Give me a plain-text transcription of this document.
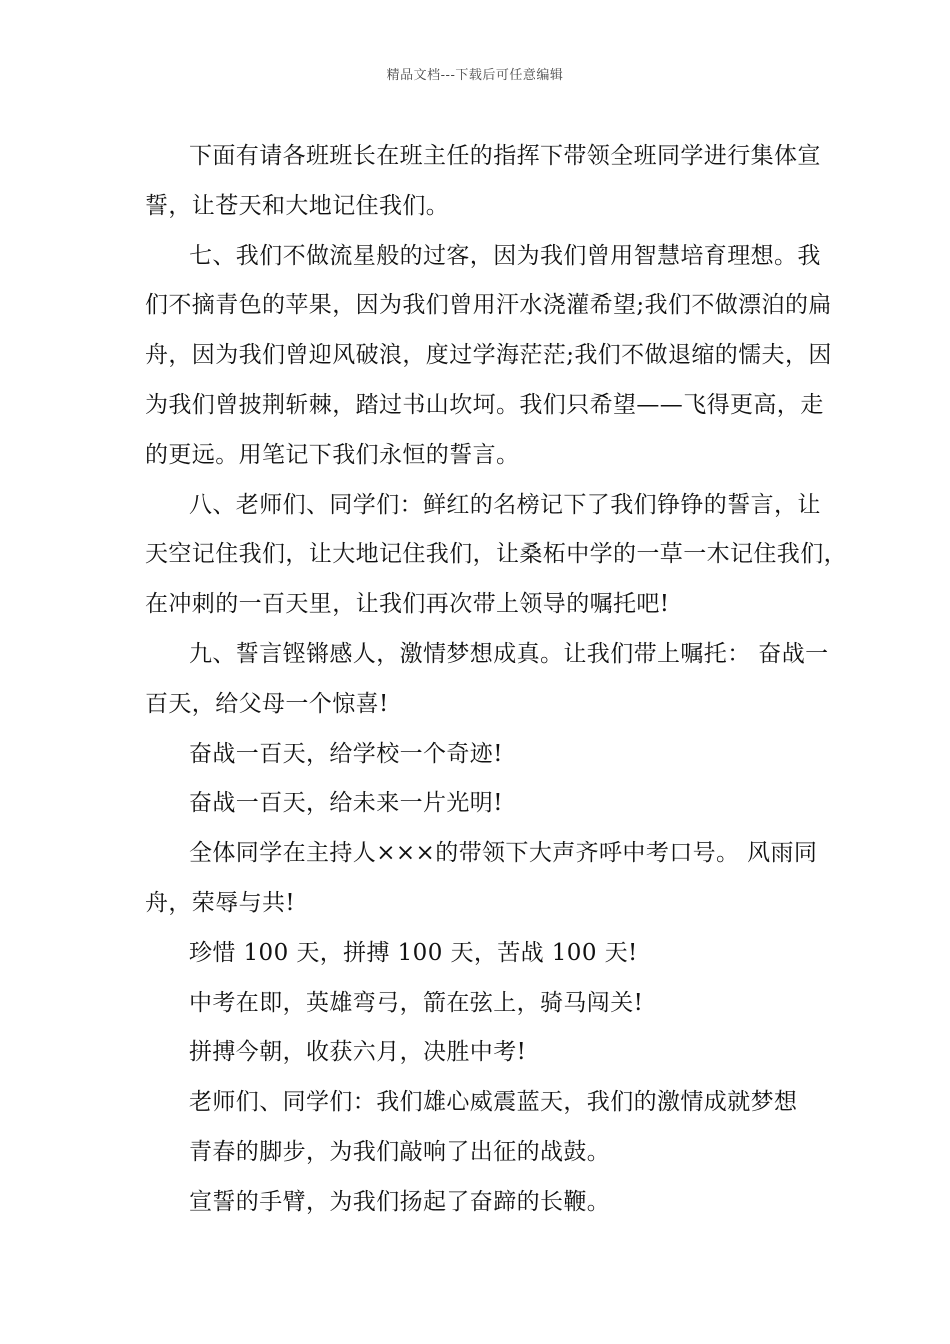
精品文档---下载后可任意编辑
下面有请各班班长在班主任的指挥下带领全班同学进行集体宣
誓，让苍天和大地记住我们。
七、我们不做流星般的过客，因为我们曾用智慧培育理想。我
们不摘青色的苹果，因为我们曾用汗水浇灌希望;我们不做漂泊的扁
舟，因为我们曾迎风破浪，度过学海茫茫;我们不做退缩的懦夫，因
为我们曾披荆斩棘，踏过书山坎坷。我们只希望——飞得更高，走
的更远。用笔记下我们永恒的誓言。
八、老师们、同学们：鲜红的名榜记下了我们铮铮的誓言，让
天空记住我们，让大地记住我们，让桑柘中学的一草一木记住我们，
在冲刺的一百天里，让我们再次带上领导的嘱托吧!
九、誓言铿锵感人，激情梦想成真。让我们带上嘱托： 奋战一
百天，给父母一个惊喜!
奋战一百天，给学校一个奇迹!
奋战一百天，给未来一片光明!
全体同学在主持人×××的带领下大声齐呼中考口号。 风雨同
舟，荣辱与共!
珍惜 100 天，拼搏 100 天，苦战 100 天!
中考在即，英雄弯弓，箭在弦上，骑马闯关!
拼搏今朝，收获六月，决胜中考!
老师们、同学们：我们雄心威震蓝天，我们的激情成就梦想
青春的脚步，为我们敲响了出征的战鼓。
宣誓的手臂，为我们扬起了奋蹄的长鞭。
